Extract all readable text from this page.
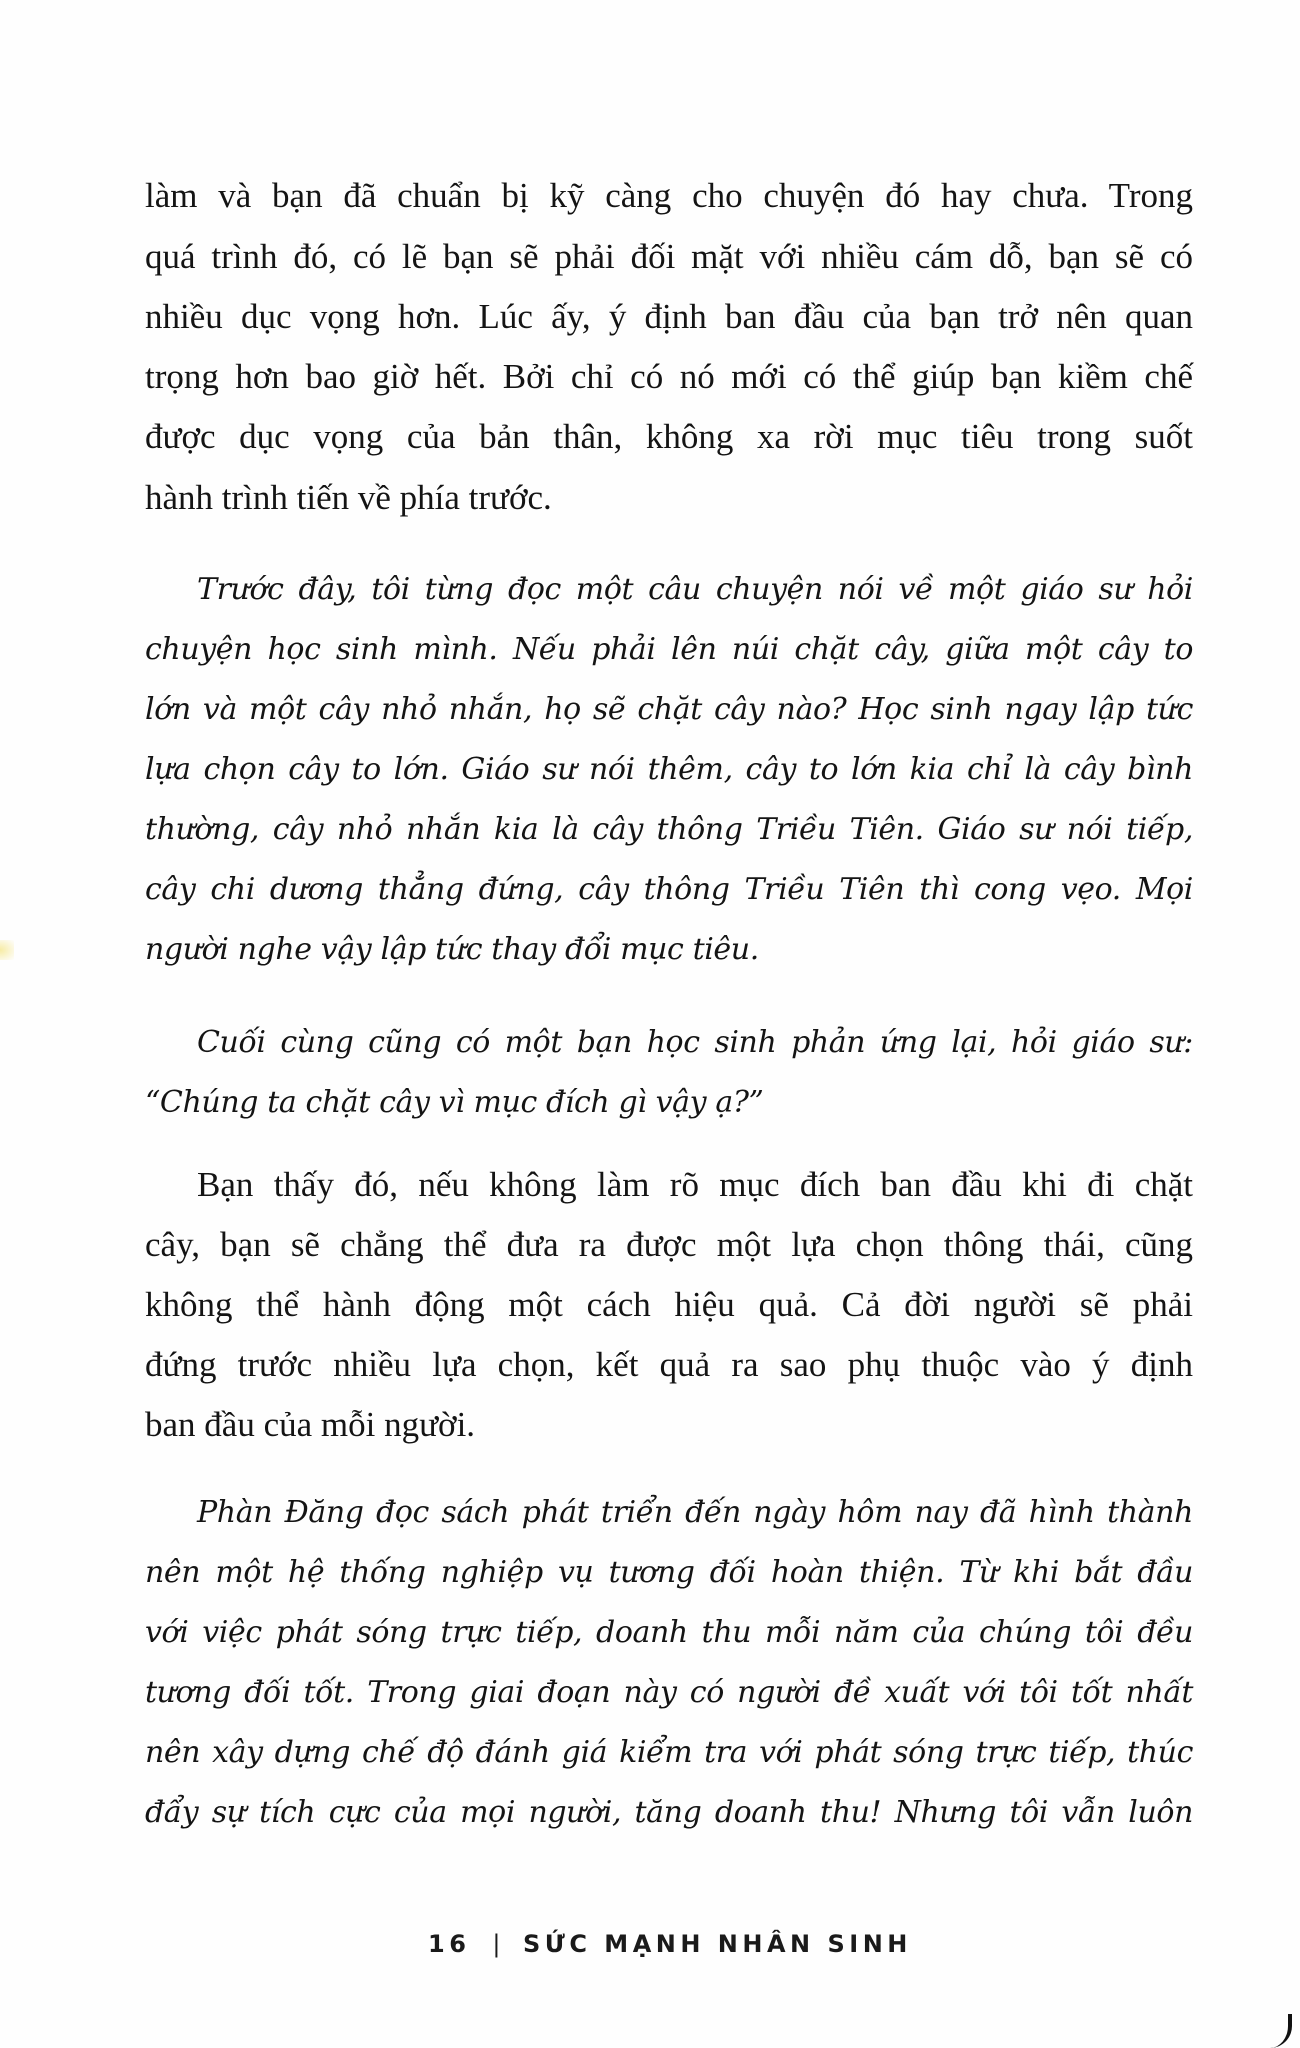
làm và bạn đã chuẩn bị kỹ càng cho chuyện đó hay chưa. Trong
quá trình đó, có lẽ bạn sẽ phải đối mặt với nhiều cám dỗ, bạn sẽ có
nhiều dục vọng hơn. Lúc ấy, ý định ban đầu của bạn trở nên quan
trọng hơn bao giờ hết. Bởi chỉ có nó mới có thể giúp bạn kiềm chế
được dục vọng của bản thân, không xa rời mục tiêu trong suốt
hành trình tiến về phía trước.
Trước đây, tôi từng đọc một câu chuyện nói về một giáo sư hỏi
chuyện học sinh mình. Nếu phải lên núi chặt cây, giữa một cây to
lớn và một cây nhỏ nhắn, họ sẽ chặt cây nào? Học sinh ngay lập tức
lựa chọn cây to lớn. Giáo sư nói thêm, cây to lớn kia chỉ là cây bình
thường, cây nhỏ nhắn kia là cây thông Triều Tiên. Giáo sư nói tiếp,
cây chi dương thẳng đứng, cây thông Triều Tiên thì cong vẹo. Mọi
người nghe vậy lập tức thay đổi mục tiêu.
Cuối cùng cũng có một bạn học sinh phản ứng lại, hỏi giáo sư:
“Chúng ta chặt cây vì mục đích gì vậy ạ?”
Bạn thấy đó, nếu không làm rõ mục đích ban đầu khi đi chặt
cây, bạn sẽ chẳng thể đưa ra được một lựa chọn thông thái, cũng
không thể hành động một cách hiệu quả. Cả đời người sẽ phải
đứng trước nhiều lựa chọn, kết quả ra sao phụ thuộc vào ý định
ban đầu của mỗi người.
Phàn Đăng đọc sách phát triển đến ngày hôm nay đã hình thành
nên một hệ thống nghiệp vụ tương đối hoàn thiện. Từ khi bắt đầu
với việc phát sóng trực tiếp, doanh thu mỗi năm của chúng tôi đều
tương đối tốt. Trong giai đoạn này có người đề xuất với tôi tốt nhất
nên xây dựng chế độ đánh giá kiểm tra với phát sóng trực tiếp, thúc
đẩy sự tích cực của mọi người, tăng doanh thu! Nhưng tôi vẫn luôn
16 | SỨC MẠNH NHÂN SINH
